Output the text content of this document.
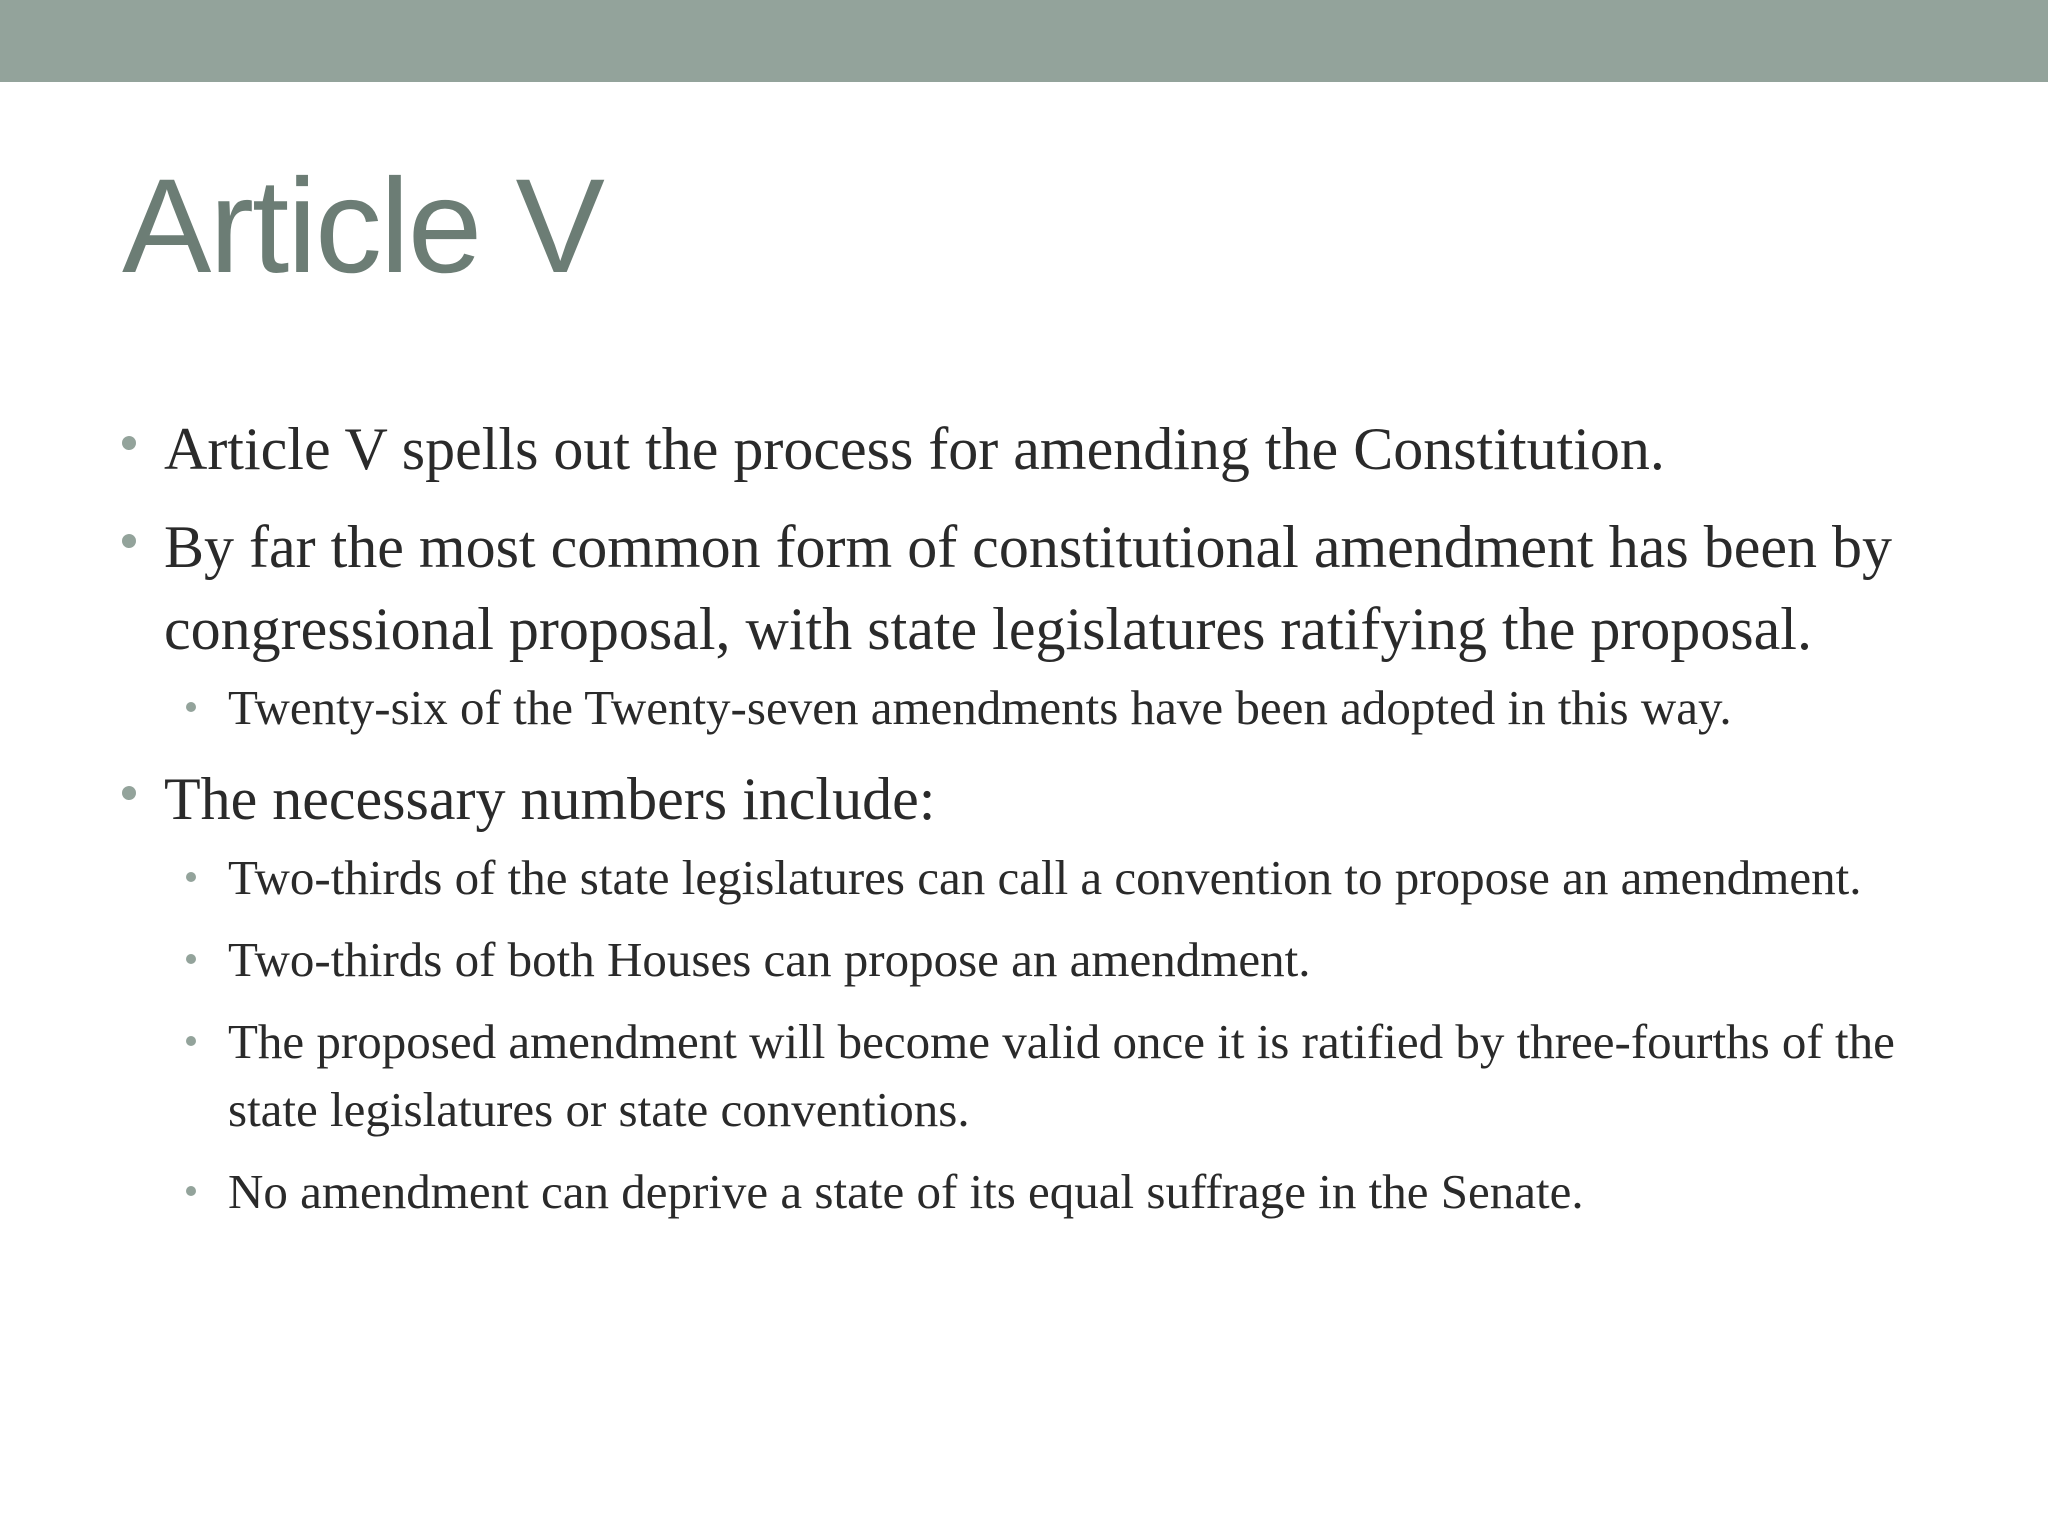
Article V
Article V spells out the process for amending the Constitution.
By far the most common form of constitutional amendment has been by congressional proposal, with state legislatures ratifying the proposal.
Twenty-six of the Twenty-seven amendments have been adopted in this way.
The necessary numbers include:
Two-thirds of the state legislatures can call a convention to propose an amendment.
Two-thirds of both Houses can propose an amendment.
The proposed amendment will become valid once it is ratified by three-fourths of the state legislatures or state conventions.
No amendment can deprive a state of its equal suffrage in the Senate.
